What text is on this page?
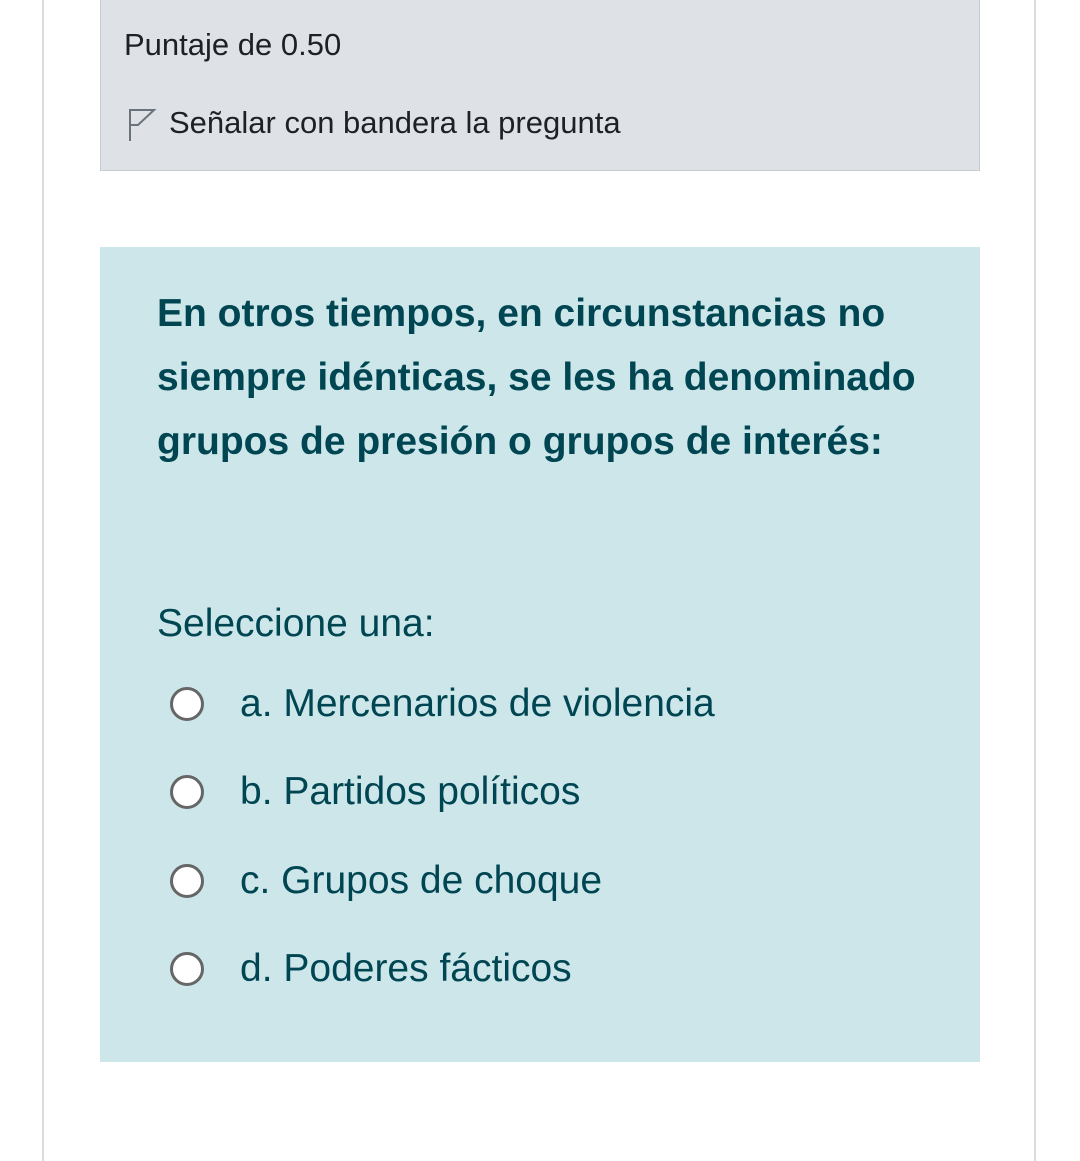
Puntaje de 0.50
Señalar con bandera la pregunta
En otros tiempos, en circunstancias no siempre idénticas, se les ha denominado grupos de presión o grupos de interés:
Seleccione una:
a. Mercenarios de violencia
b. Partidos políticos
c. Grupos de choque
d. Poderes fácticos
